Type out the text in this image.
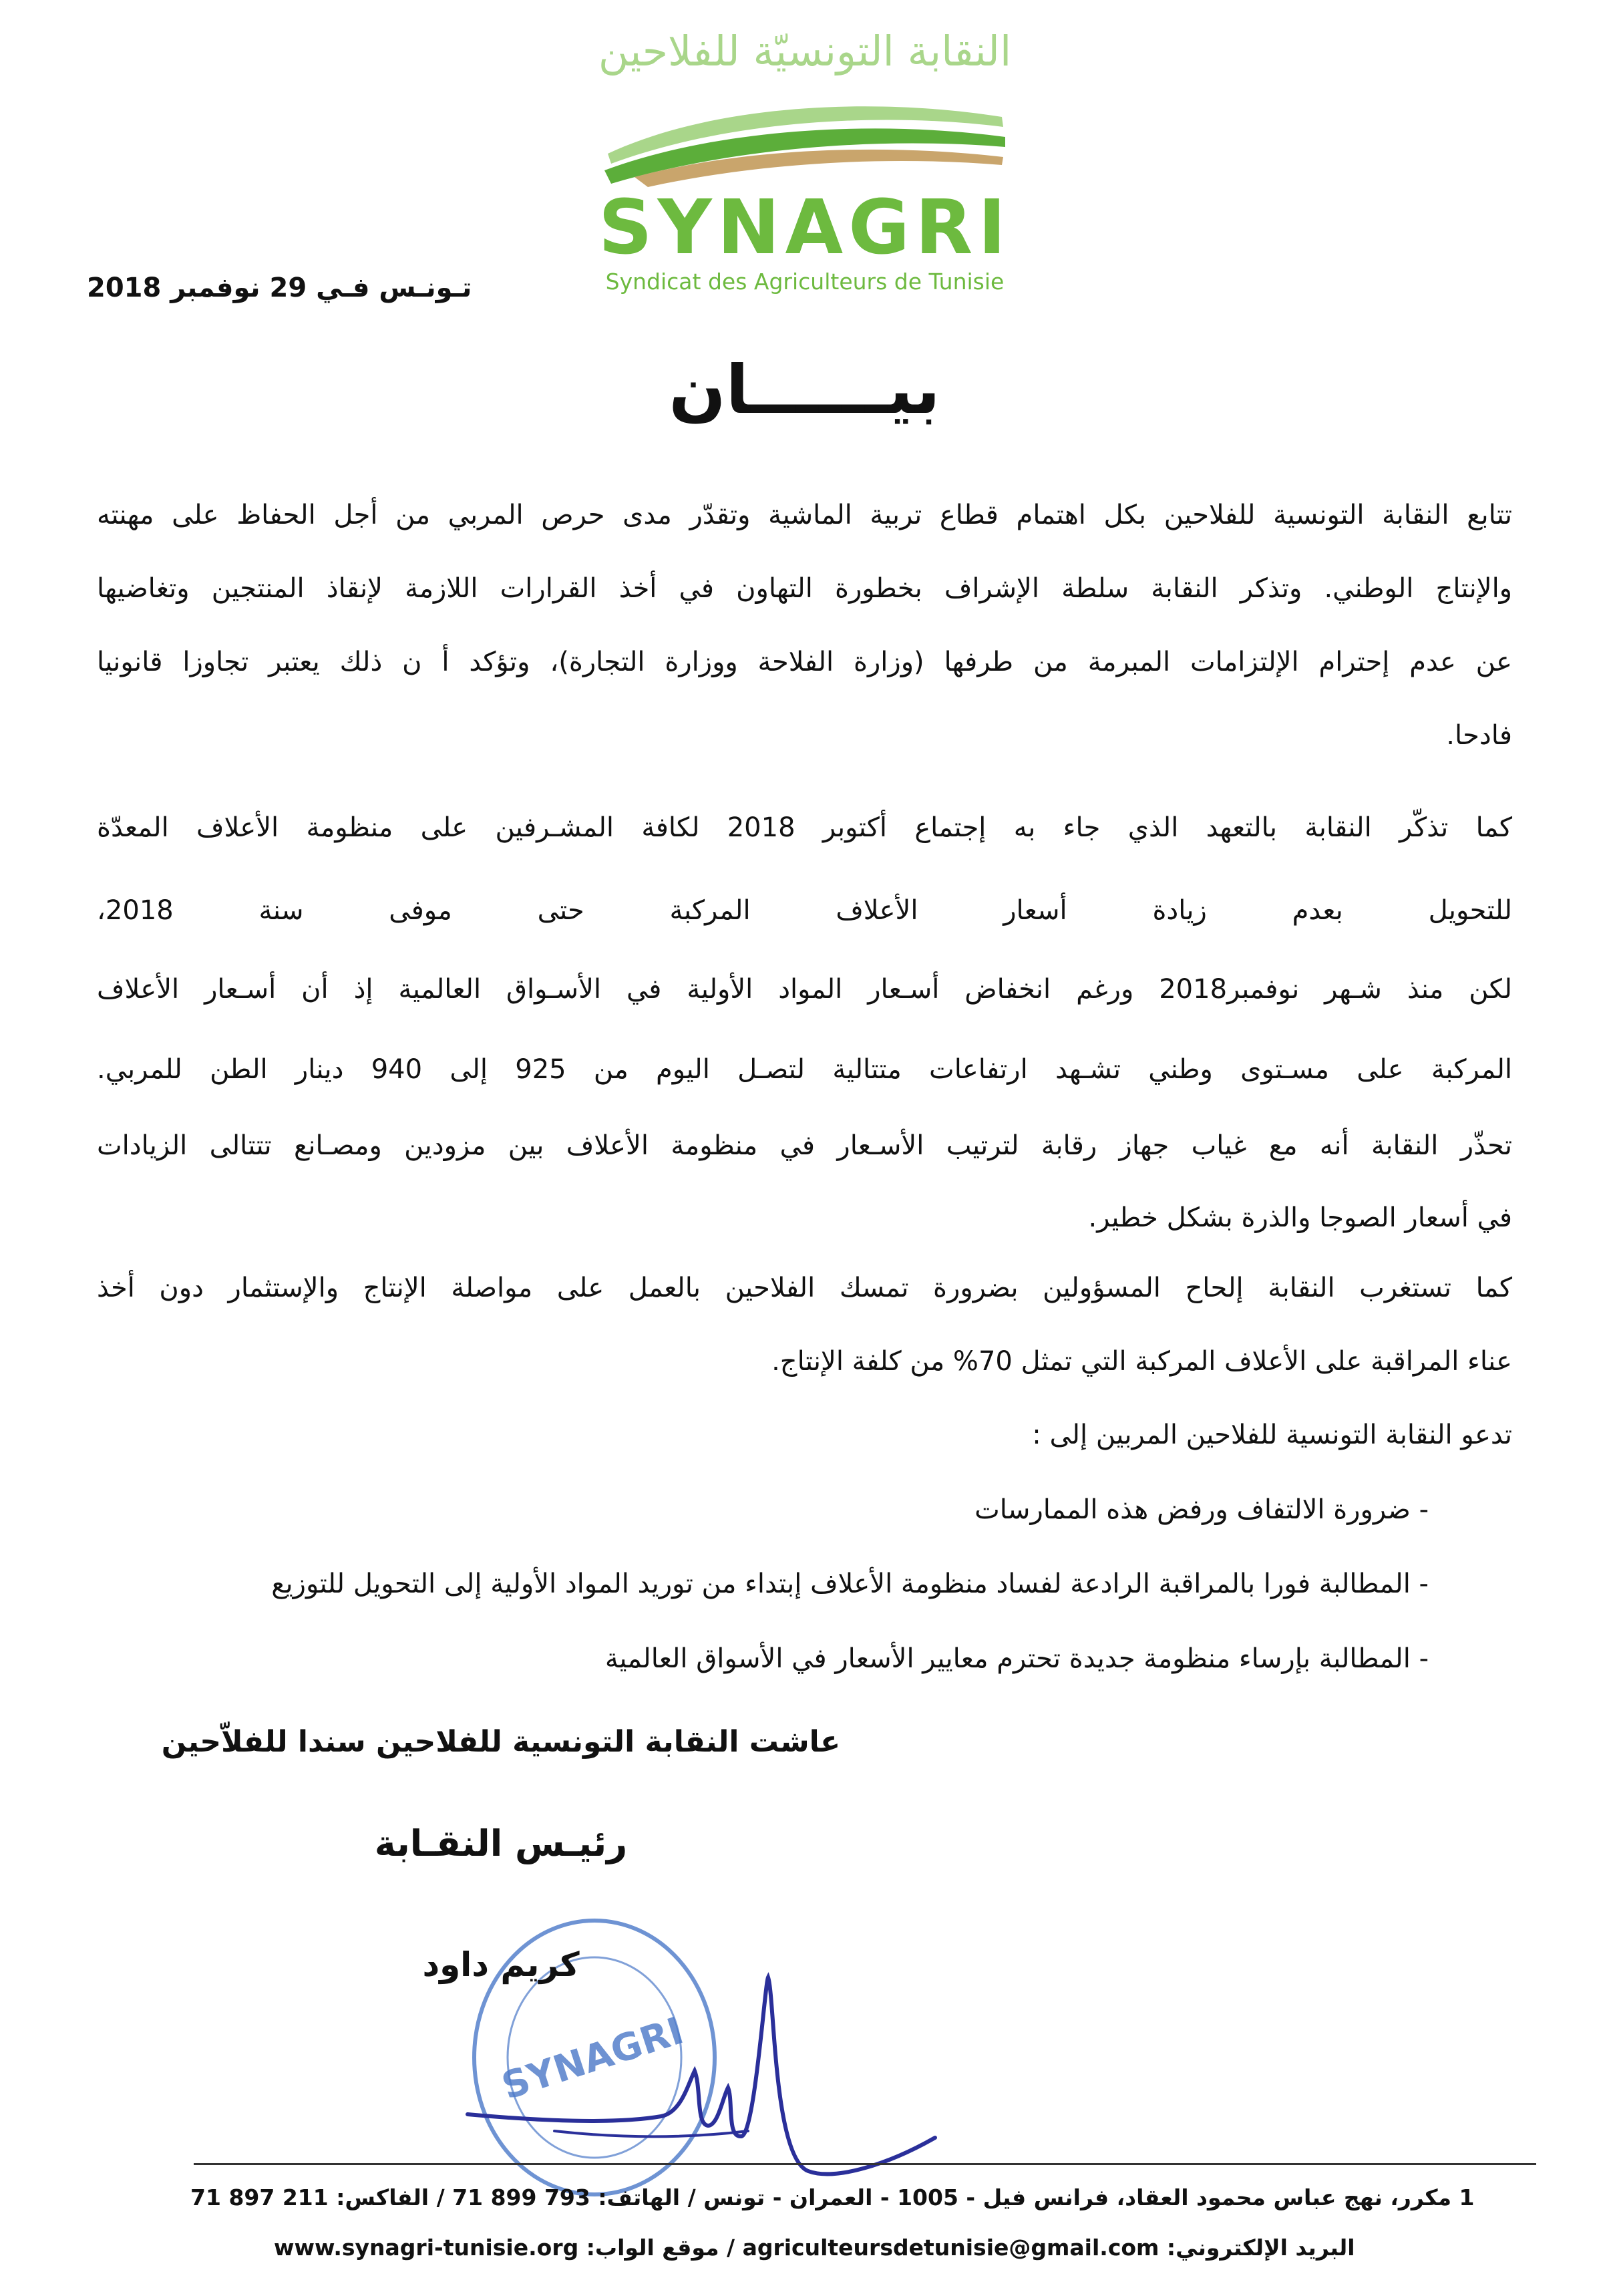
النقابة التونسيّة للفلاحين
SYNAGRI
Syndicat des Agriculteurs de Tunisie
تـونـس فـي 29 نوفمبر 2018
بيــــــان
تتابع النقابة التونسية للفلاحين بكل اهتمام قطاع تربية الماشية وتقدّر مدى حرص المربي من أجل الحفاظ على مهنته
والإنتاج الوطني. وتذكر النقابة سلطة الإشراف بخطورة التهاون في أخذ القرارات اللازمة لإنقاذ المنتجين وتغاضيها
عن عدم إحترام الإلتزامات المبرمة من طرفها (وزارة الفلاحة ووزارة التجارة)، وتؤكد أ ن ذلك يعتبر تجاوزا قانونيا
فادحا.
كما تذكّر النقابة بالتعهد الذي جاء به إجتماع أكتوبر 2018 لكافة المشـرفين على منظومة الأعلاف المعدّة
للتحويل بعدم زيادة أسعار الأعلاف المركبة حتى موفى سنة 2018،
لكن منذ شـهر نوفمبر2018 ورغم انخفاض أسـعار المواد الأولية في الأسـواق العالمية إذ أن أسـعار الأعلاف
المركبة على مسـتوى وطني تشـهد ارتفاعات متتالية لتصـل اليوم من 925 إلى 940 دينار الطن للمربي.
تحذّر النقابة أنه مع غياب جهاز رقابة لترتيب الأسـعار في منظومة الأعلاف بين مزودين ومصـانع تتتالى الزيادات
في أسعار الصوجا والذرة بشكل خطير.
كما تستغرب النقابة إلحاح المسؤولين بضرورة تمسك الفلاحين بالعمل على مواصلة الإنتاج والإستثمار دون أخذ
عناء المراقبة على الأعلاف المركبة التي تمثل 70% من كلفة الإنتاج.
تدعو النقابة التونسية للفلاحين المربين إلى :
- ضرورة الالتفاف ورفض هذه الممارسات
- المطالبة فورا بالمراقبة الرادعة لفساد منظومة الأعلاف إبتداء من توريد المواد الأولية إلى التحويل للتوزيع
- المطالبة بإرساء منظومة جديدة تحترم معايير الأسعار في الأسواق العالمية
عاشت النقابة التونسية للفلاحين سندا للفلاّحين
رئيـس النقـابة
SYNAGRI
كريم داود
1 مكرر، نهج عباس محمود العقاد، فرانس فيل - 1005 - العمران - تونس / الهاتف: 793 899 71 / الفاكس: 211 897 71
البريد الإلكتروني: agriculteursdetunisie@gmail.com / موقع الواب: www.synagri-tunisie.org
